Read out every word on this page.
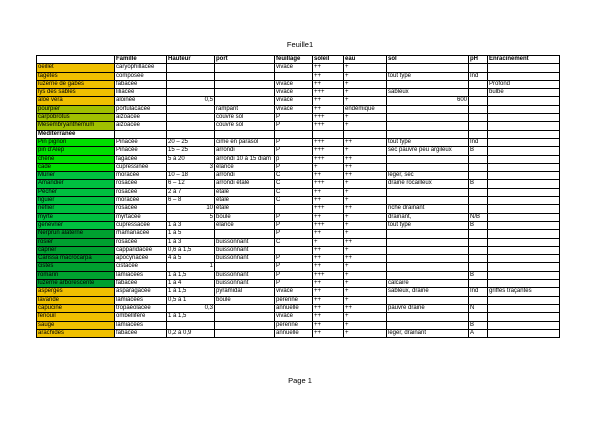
Feuille1
	Famille	Hauteur	port	feuillage	soleil	eau	sol	pH	Enracinement
oeillet	caryophillacée			vivace	++	+			
tagètes	composée				++	+	tout type	Ind	
luzerne de gabès	fabacée			vivace	++	+			Profond
lys des sables	liliacée			vivace	+++	+	sableux		bulbe
aloe vera	aloinée	0,5		vivace	++	+	600		
pourpier	portulacacée		rampant	vivace	++	endémique			
carpobrotus	aizoacée		couvre sol	P	+++	+			
Mesembryanthemum	aizoacée		couvre sol	P	+++	+			
Méditerranée									
Pin pignon	Pinacée	20 – 25	cime en parasol	P	+++	++	tout type	Ind	
pin d'Alep	Pinacée	15 – 25	arrondi	P	+++	+	sec pauvre peu argileux	B	
chêne	fagacée	5 à 20	arrondi 10 à 15 diam	p	+++	++			
cade	cupressinée	3	élancé	P	+	++			
Mûrier	moracée	10 – 18	arrondi	C	++	++	léger, sec		
Amandier	rosacée	6 – 12	arrondi étalé	C	+++	+	drainé rocailleux	B	
Pêcher	rosacée	2 à 7	étalé	C	++	+			
figuier	moracée	6 – 8	étalé	C	++	+			
néflier	rosacée	10	étalé		+++	++	riche drainant		
myrte	myrtacée	5	boule	P	++	+	drainant,	N/B	
genévrier	cupressacée	1 à 3	élancé	P	+++	+	tout type	B	
Nerprun alaterne	rhamanacée	1 à 5		P	++	+			
rosier	rosacée	1 à 3	buissonnant	C	+	++			
câprier	capparidacée	0,6 à 1,5	buissonnant		++	+			
Carissa macrocarpa	apocynacée	4 à 5	buissonnant	P	++	++			
cistes	cistacée	1		P	++	+			
romarin	lamiacées	1 à 1,5	buissonnant	P	+++	+		B	
luzerne arborescente	fabacée	1 à 4	buissonnant	P	++	+	calcaire		
asperges	asparagacée	1 à 1,5	pyramidal	vivace	++	+	sableux, drainé	Ind	griffes traçantes
lavande	lamiacées	0,5 à 1	boule	pérenne	++	+			
capucine	tropaéolacée	0,3		annuelle	++	++	pauvre drainé	N	
fenouil	ombellifère	1 à 1,5		vivace	++	+			
sauge	lamiacées			pérenne	++	+		B	
arachides	fabacée	0,2 à 0,9		annuelle	++	+	léger, drainant	A	
Page 1
